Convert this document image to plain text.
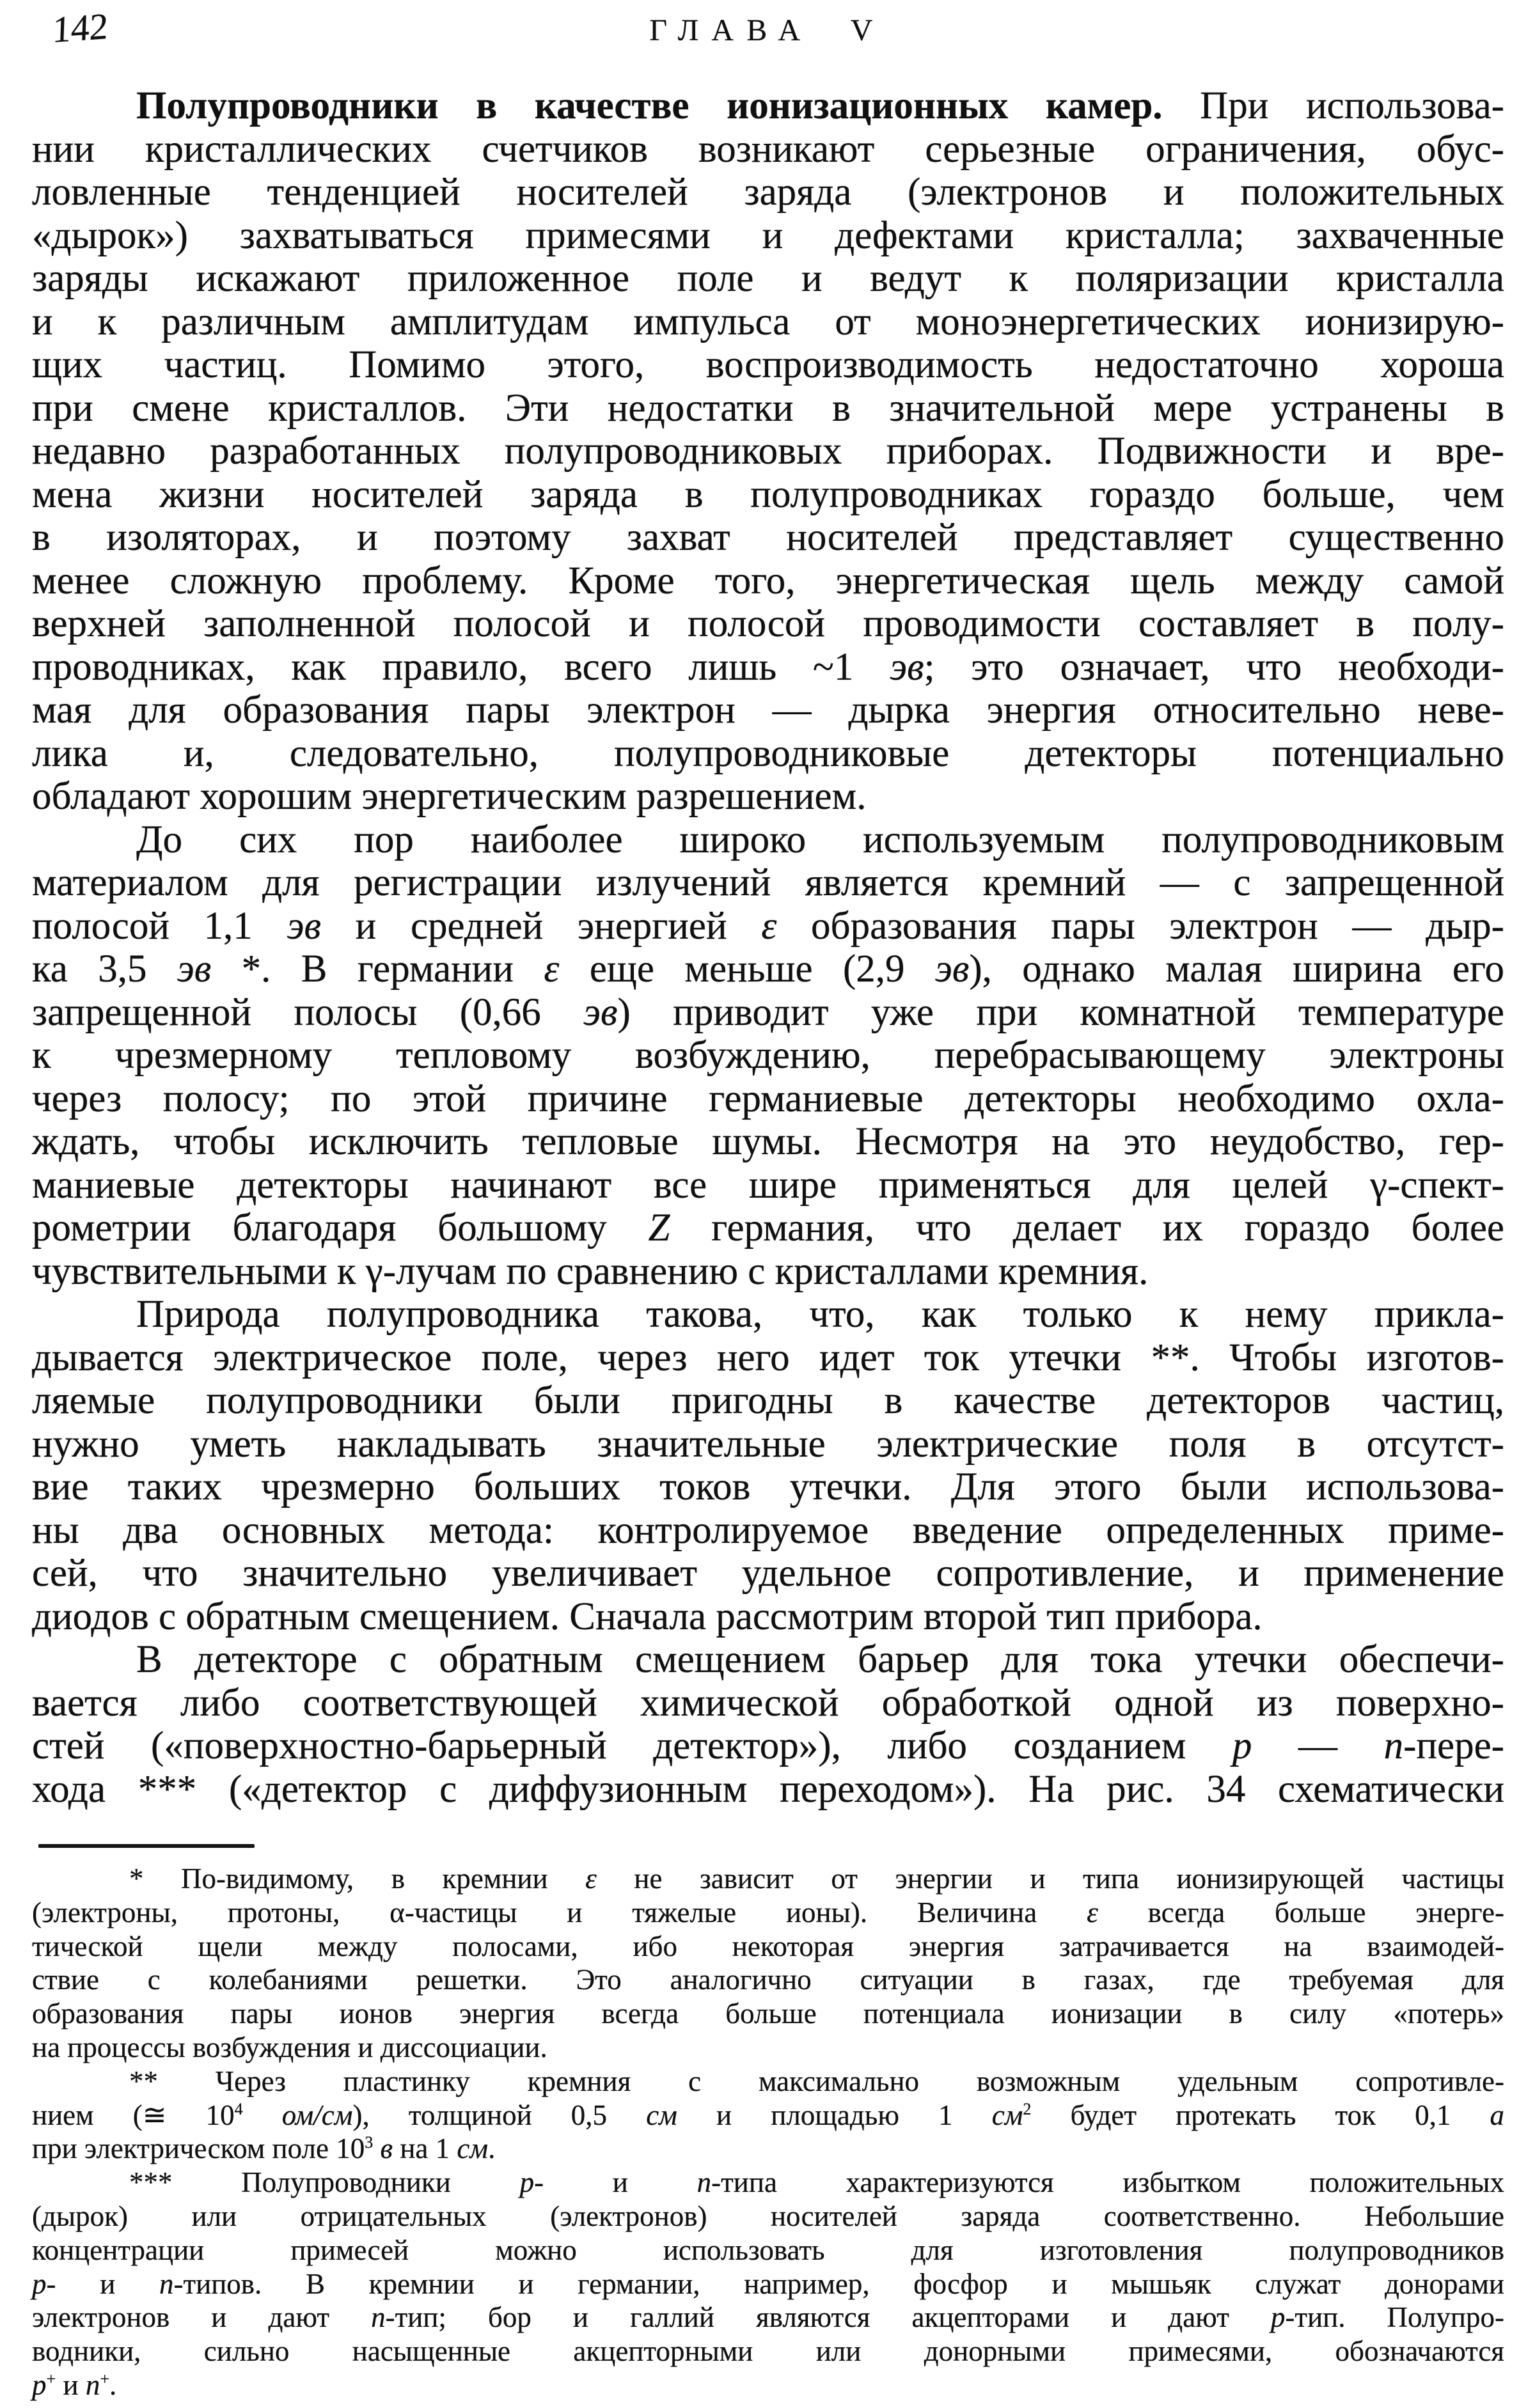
142	ГЛАВА V
Полупроводники в качестве ионизационных камер. При использова-
нии кристаллических счетчиков возникают серьезные ограничения, обус-
ловленные тенденцией носителей заряда (электронов и положительных
«дырок») захватываться примесями и дефектами кристалла; захваченные
заряды искажают приложенное поле и ведут к поляризации кристалла
и к различным амплитудам импульса от моноэнергетических ионизирую-
щих частиц. Помимо этого, воспроизводимость недостаточно хороша
при смене кристаллов. Эти недостатки в значительной мере устранены в
недавно разработанных полупроводниковых приборах. Подвижности и вре-
мена жизни носителей заряда в полупроводниках гораздо больше, чем
в изоляторах, и поэтому захват носителей представляет существенно
менее сложную проблему. Кроме того, энергетическая щель между самой
верхней заполненной полосой и полосой проводимости составляет в полу-
проводниках, как правило, всего лишь ~1 эв; это означает, что необходи-
мая для образования пары электрон — дырка энергия относительно неве-
лика и, следовательно, полупроводниковые детекторы потенциально
обладают хорошим энергетическим разрешением.
До сих пор наиболее широко используемым полупроводниковым
материалом для регистрации излучений является кремний — с запрещенной
полосой 1,1 эв и средней энергией ε образования пары электрон — дыр-
ка 3,5 эв *. В германии ε еще меньше (2,9 эв), однако малая ширина его
запрещенной полосы (0,66 эв) приводит уже при комнатной температуре
к чрезмерному тепловому возбуждению, перебрасывающему электроны
через полосу; по этой причине германиевые детекторы необходимо охла-
ждать, чтобы исключить тепловые шумы. Несмотря на это неудобство, гер-
маниевые детекторы начинают все шире применяться для целей γ-спект-
рометрии благодаря большому Z германия, что делает их гораздо более
чувствительными к γ-лучам по сравнению с кристаллами кремния.
Природа полупроводника такова, что, как только к нему прикла-
дывается электрическое поле, через него идет ток утечки **. Чтобы изготов-
ляемые полупроводники были пригодны в качестве детекторов частиц,
нужно уметь накладывать значительные электрические поля в отсутст-
вие таких чрезмерно больших токов утечки. Для этого были использова-
ны два основных метода: контролируемое введение определенных приме-
сей, что значительно увеличивает удельное сопротивление, и применение
диодов с обратным смещением. Сначала рассмотрим второй тип прибора.
В детекторе с обратным смещением барьер для тока утечки обеспечи-
вается либо соответствующей химической обработкой одной из поверхно-
стей («поверхностно-барьерный детектор»), либо созданием p — n-пере-
хода *** («детектор с диффузионным переходом»). На рис. 34 схематически
* По-видимому, в кремнии ε не зависит от энергии и типа ионизирующей частицы
(электроны, протоны, α-частицы и тяжелые ионы). Величина ε всегда больше энерге-
тической щели между полосами, ибо некоторая энергия затрачивается на взаимодей-
ствие с колебаниями решетки. Это аналогично ситуации в газах, где требуемая для
образования пары ионов энергия всегда больше потенциала ионизации в силу «потерь»
на процессы возбуждения и диссоциации.
** Через пластинку кремния с максимально возможным удельным сопротивле-
нием (≅ $10^4$ ом/см), толщиной 0,5 см и площадью 1 $см^2$ будет протекать ток 0,1 а
при электрическом поле $10^3$ в на 1 см.
*** Полупроводники p- и n-типа характеризуются избытком положительных
(дырок) или отрицательных (электронов) носителей заряда соответственно. Небольшие
концентрации примесей можно использовать для изготовления полупроводников
p- и n-типов. В кремнии и германии, например, фосфор и мышьяк служат донорами
электронов и дают n-тип; бор и галлий являются акцепторами и дают p-тип. Полупро-
водники, сильно насыщенные акцепторными или донорными примесями, обозначаются
p+ и n+.
